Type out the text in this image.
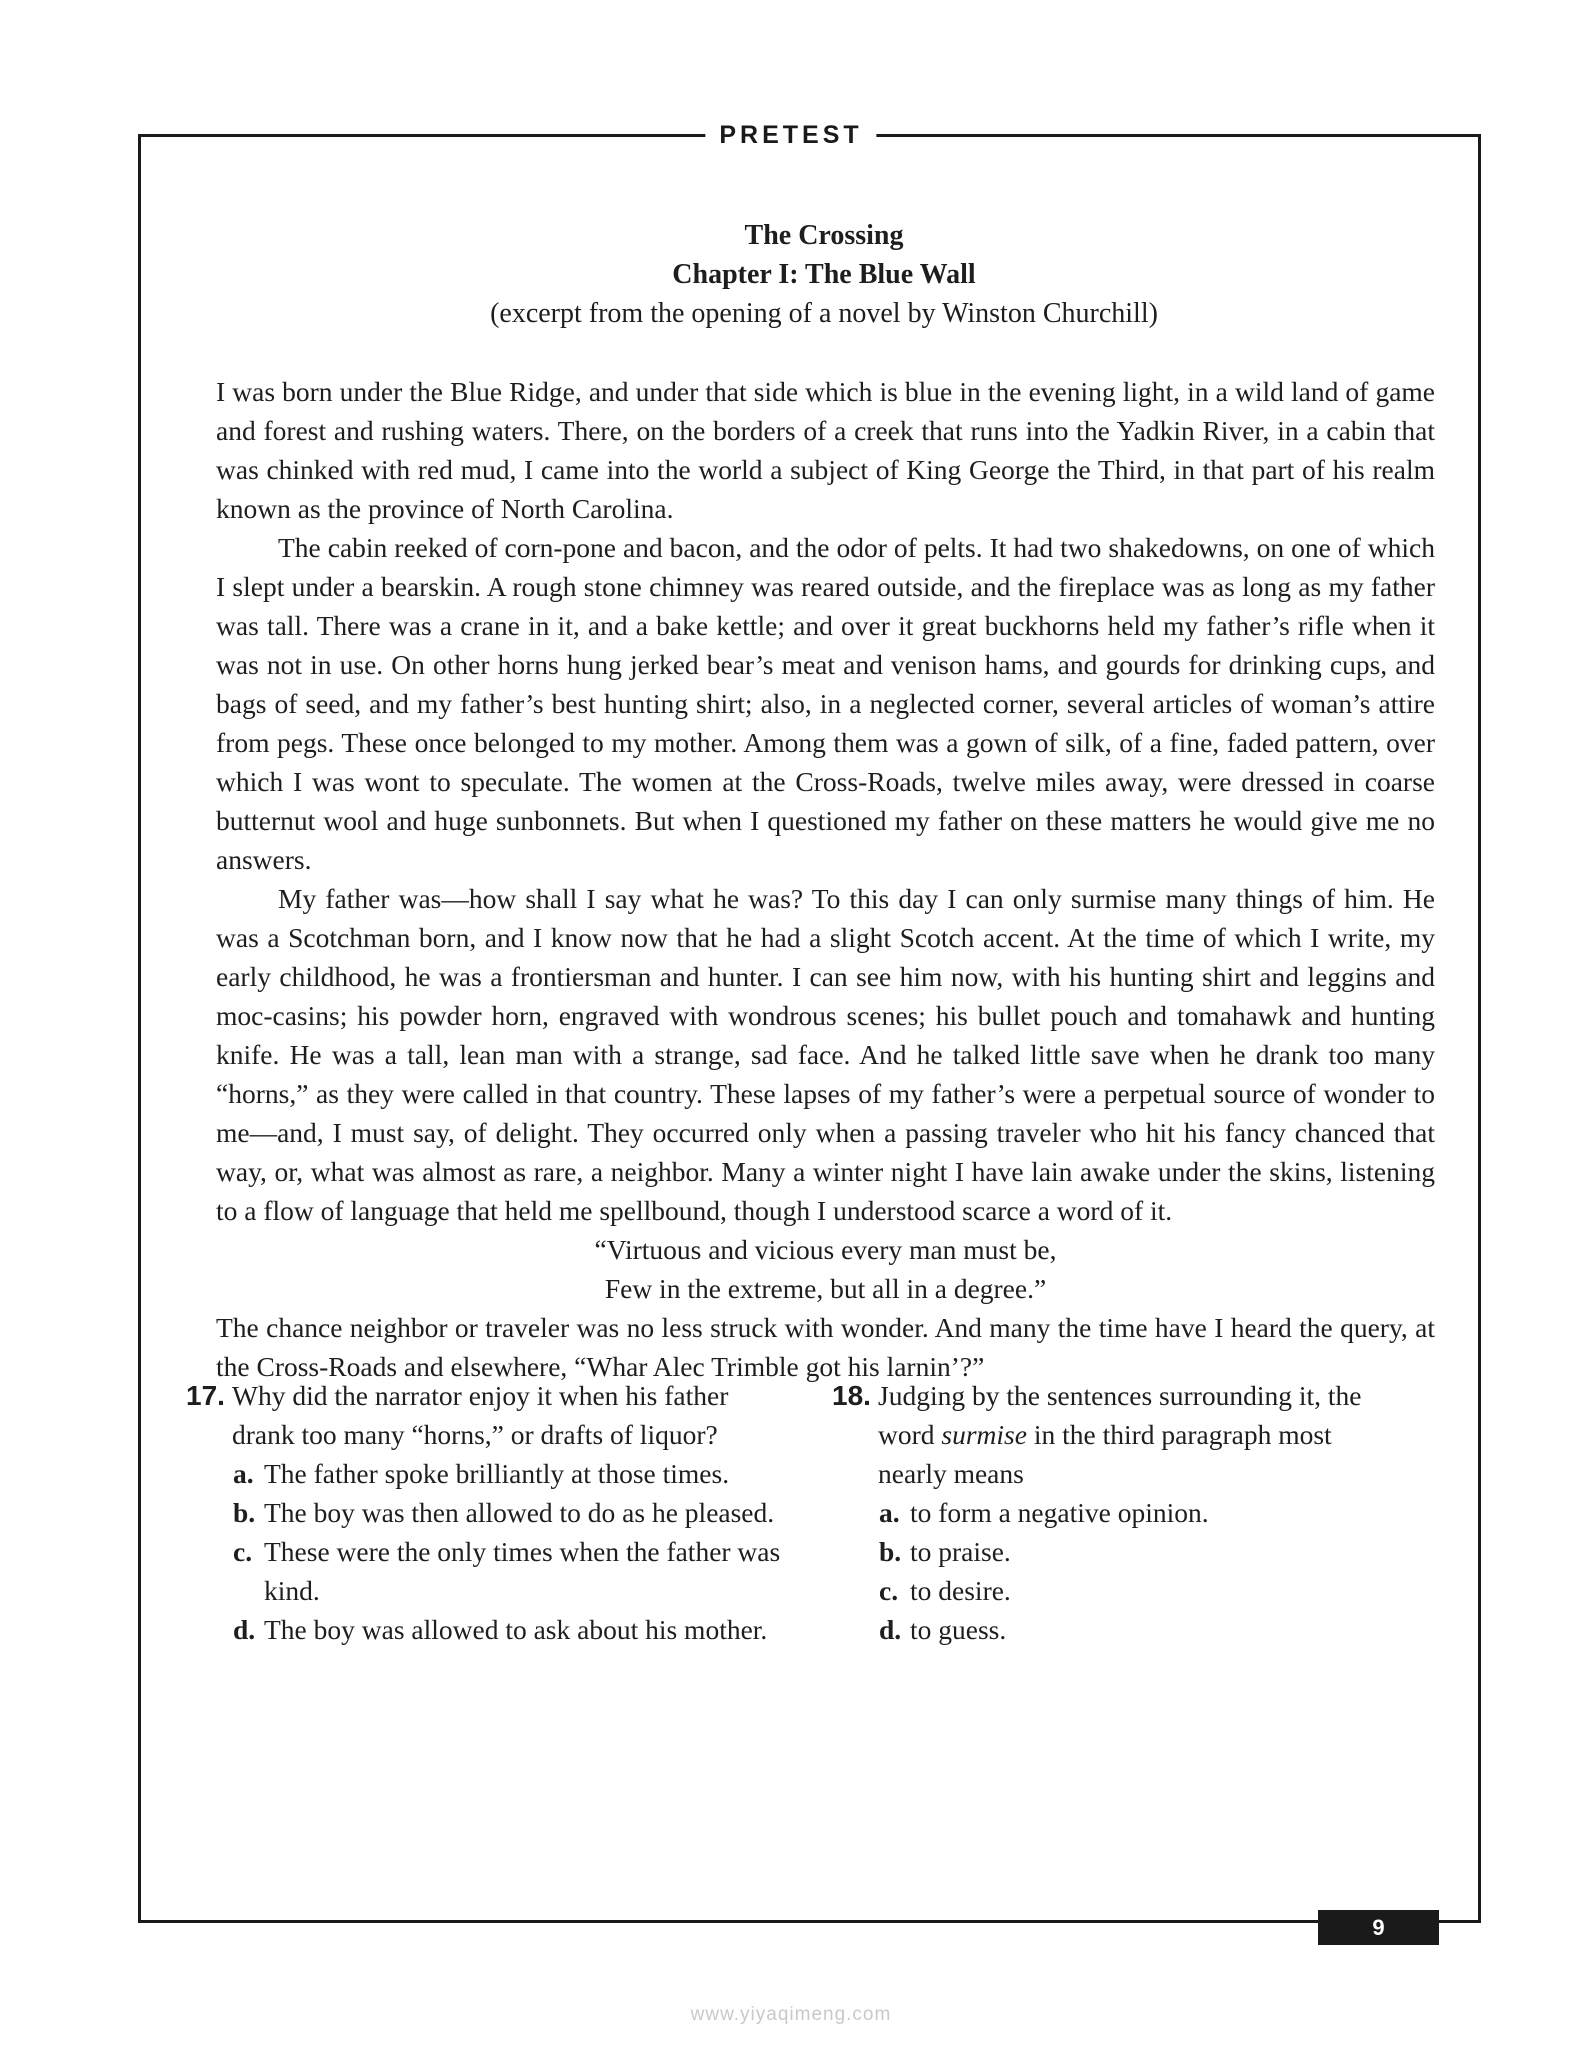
PRETEST
The Crossing
Chapter I: The Blue Wall
(excerpt from the opening of a novel by Winston Churchill)

I was born under the Blue Ridge, and under that side which is blue in the evening light, in a wild land of game and forest and rushing waters. There, on the borders of a creek that runs into the Yadkin River, in a cabin that was chinked with red mud, I came into the world a subject of King George the Third, in that part of his realm known as the province of North Carolina.

The cabin reeked of corn-pone and bacon, and the odor of pelts. It had two shakedowns, on one of which I slept under a bearskin. A rough stone chimney was reared outside, and the fireplace was as long as my father was tall. There was a crane in it, and a bake kettle; and over it great buckhorns held my father’s rifle when it was not in use. On other horns hung jerked bear’s meat and venison hams, and gourds for drinking cups, and bags of seed, and my father’s best hunting shirt; also, in a neglected corner, several articles of woman’s attire from pegs. These once belonged to my mother. Among them was a gown of silk, of a fine, faded pattern, over which I was wont to speculate. The women at the Cross-Roads, twelve miles away, were dressed in coarse butternut wool and huge sunbonnets. But when I questioned my father on these matters he would give me no answers.

My father was—how shall I say what he was? To this day I can only surmise many things of him. He was a Scotchman born, and I know now that he had a slight Scotch accent. At the time of which I write, my early childhood, he was a frontiersman and hunter. I can see him now, with his hunting shirt and leggins and moc-casins; his powder horn, engraved with wondrous scenes; his bullet pouch and tomahawk and hunting knife. He was a tall, lean man with a strange, sad face. And he talked little save when he drank too many “horns,” as they were called in that country. These lapses of my father’s were a perpetual source of wonder to me—and, I must say, of delight. They occurred only when a passing traveler who hit his fancy chanced that way, or, what was almost as rare, a neighbor. Many a winter night I have lain awake under the skins, listening to a flow of language that held me spellbound, though I understood scarce a word of it.

“Virtuous and vicious every man must be,
Few in the extreme, but all in a degree.”

The chance neighbor or traveler was no less struck with wonder. And many the time have I heard the query, at the Cross-Roads and elsewhere, “Whar Alec Trimble got his larnin’?”

17. Why did the narrator enjoy it when his father drank too many “horns,” or drafts of liquor?
a. The father spoke brilliantly at those times.
b. The boy was then allowed to do as he pleased.
c. These were the only times when the father was kind.
d. The boy was allowed to ask about his mother.
18. Judging by the sentences surrounding it, the word surmise in the third paragraph most nearly means
a. to form a negative opinion.
b. to praise.
c. to desire.
d. to guess.
9
www.yiyaqimeng.com
